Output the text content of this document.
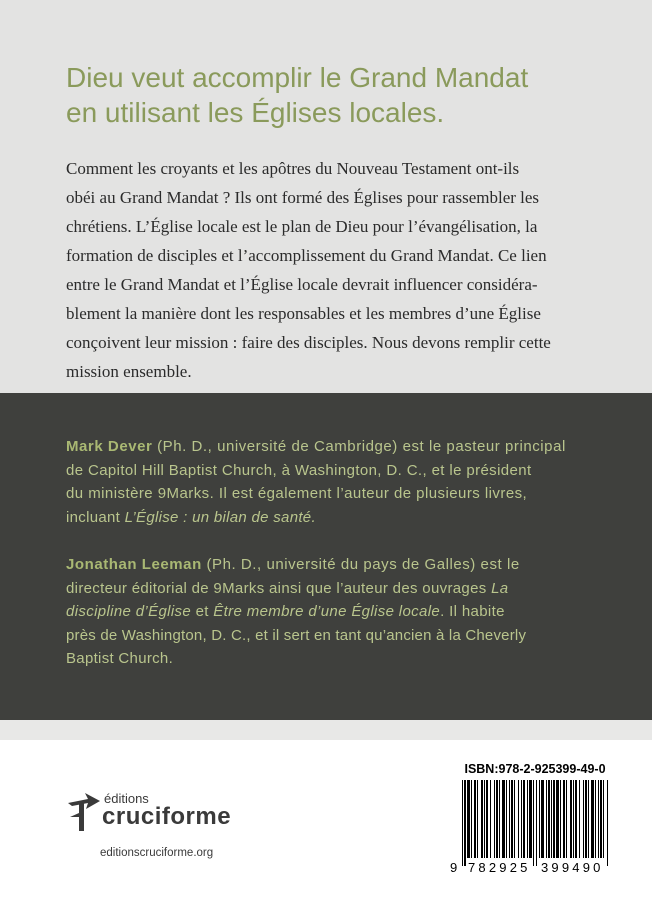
Dieu veut accomplir le Grand Mandat
en utilisant les Églises locales.
Comment les croyants et les apôtres du Nouveau Testament ont-ils
obéi au Grand Mandat ? Ils ont formé des Églises pour rassembler les
chrétiens. L’Église locale est le plan de Dieu pour l’évangélisation, la
formation de disciples et l’accomplissement du Grand Mandat. Ce lien
entre le Grand Mandat et l’Église locale devrait influencer considéra-
blement la manière dont les responsables et les membres d’une Église
conçoivent leur mission : faire des disciples. Nous devons remplir cette
mission ensemble.
Mark Dever (Ph. D., université de Cambridge) est le pasteur principal
de Capitol Hill Baptist Church, à Washington, D. C., et le président
du ministère 9Marks. Il est également l’auteur de plusieurs livres,
incluant L’Église : un bilan de santé.
Jonathan Leeman (Ph. D., université du pays de Galles) est le
directeur éditorial de 9Marks ainsi que l’auteur des ouvrages La
discipline d’Église et Être membre d’une Église locale. Il habite
près de Washington, D. C., et il sert en tant qu’ancien à la Cheverly
Baptist Church.
éditions
cruciforme
editionscruciforme.org
ISBN:978-2-925399-49-0
9 782925 399490
